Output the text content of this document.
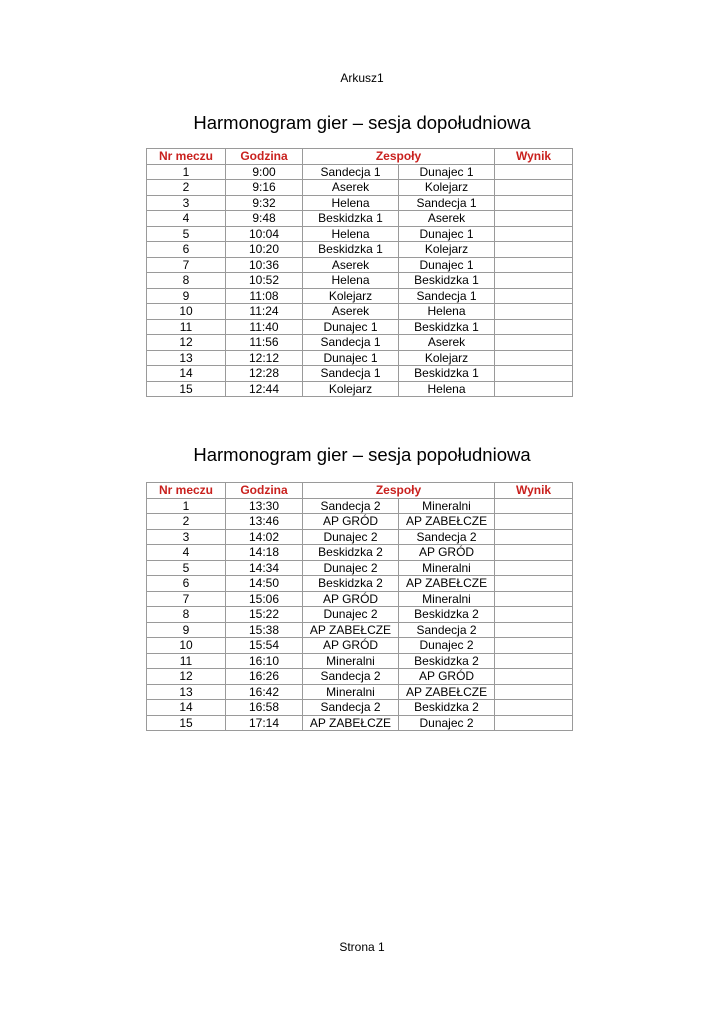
Arkusz1
Harmonogram gier – sesja dopołudniowa
Nr meczu	Godzina	Zespoły		Wynik
1	9:00	Sandecja 1	Dunajec 1	
2	9:16	Aserek	Kolejarz	
3	9:32	Helena	Sandecja 1	
4	9:48	Beskidzka 1	Aserek	
5	10:04	Helena	Dunajec 1	
6	10:20	Beskidzka 1	Kolejarz	
7	10:36	Aserek	Dunajec 1	
8	10:52	Helena	Beskidzka 1	
9	11:08	Kolejarz	Sandecja 1	
10	11:24	Aserek	Helena	
11	11:40	Dunajec 1	Beskidzka 1	
12	11:56	Sandecja 1	Aserek	
13	12:12	Dunajec 1	Kolejarz	
14	12:28	Sandecja 1	Beskidzka 1	
15	12:44	Kolejarz	Helena	
Harmonogram gier – sesja popołudniowa
Nr meczu	Godzina	Zespoły		Wynik
1	13:30	Sandecja 2	Mineralni	
2	13:46	AP GRÓD	AP ZABEŁCZE	
3	14:02	Dunajec 2	Sandecja 2	
4	14:18	Beskidzka 2	AP GRÓD	
5	14:34	Dunajec 2	Mineralni	
6	14:50	Beskidzka 2	AP ZABEŁCZE	
7	15:06	AP GRÓD	Mineralni	
8	15:22	Dunajec 2	Beskidzka 2	
9	15:38	AP ZABEŁCZE	Sandecja 2	
10	15:54	AP GRÓD	Dunajec 2	
11	16:10	Mineralni	Beskidzka 2	
12	16:26	Sandecja 2	AP GRÓD	
13	16:42	Mineralni	AP ZABEŁCZE	
14	16:58	Sandecja 2	Beskidzka 2	
15	17:14	AP ZABEŁCZE	Dunajec 2	
Strona 1
